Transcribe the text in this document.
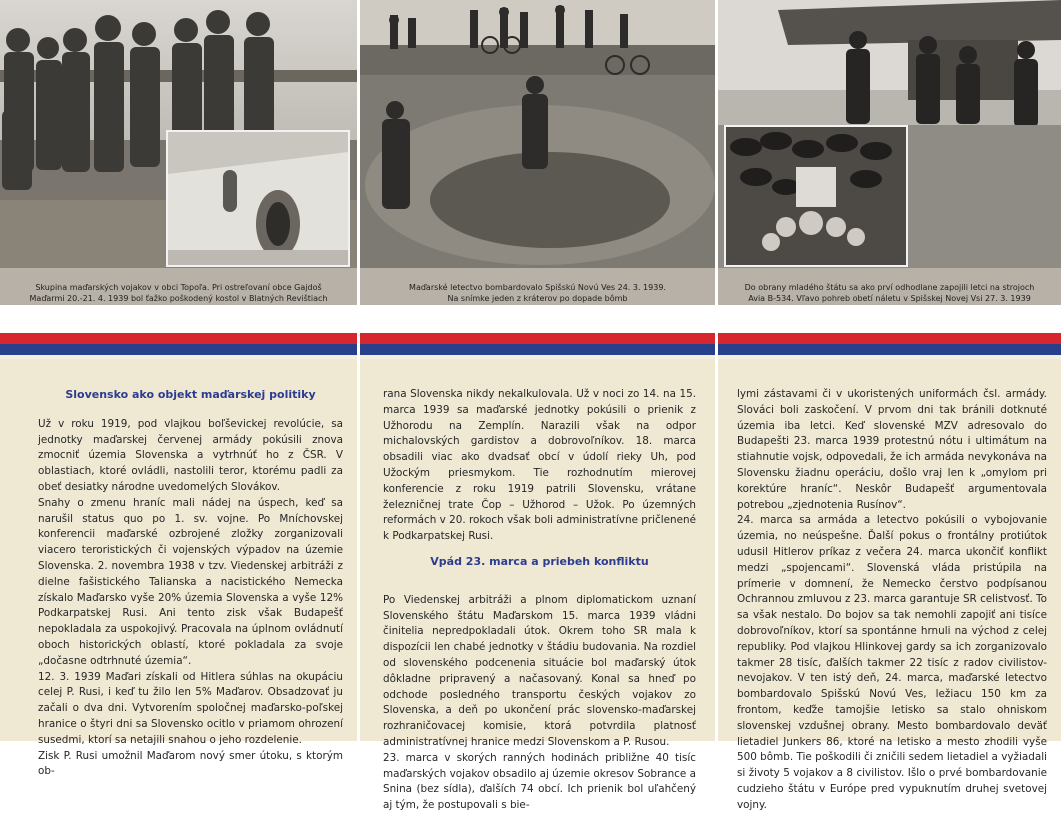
Skupina maďarských vojakov v obci Topoľa. Pri ostreľovaní obce Gajdoš
Maďarmi 20.-21. 4. 1939 bol ťažko poškodený kostol v Blatných Revištiach
Maďarské letectvo bombardovalo Spišskú Novú Ves 24. 3. 1939.
Na snímke jeden z kráterov po dopade bômb
Do obrany mladého štátu sa ako prví odhodlane zapojili letci na strojoch
Avia B-534. Vľavo pohreb obetí náletu v Spišskej Novej Vsi 27. 3. 1939

Slovensko ako objekt maďarskej politiky

Už v roku 1919, pod vlajkou boľševickej revolúcie, sa jednotky maďarskej červenej armády pokúsili znova zmocniť územia Slovenska a vytrhnúť ho z ČSR. V oblastiach, ktoré ovládli, nastolili teror, ktorému padli za obeť desiatky národne uvedomelých Slovákov.

Snahy o zmenu hraníc mali nádej na úspech, keď sa narušil status quo po 1. sv. vojne. Po Mníchovskej konferencii maďarské ozbrojené zložky zorganizovali viacero teroristických či vojenských výpadov na územie Slovenska. 2. novembra 1938 v tzv. Viedenskej arbitráži z dielne fašistického Talianska a nacistického Nemecka získalo Maďarsko vyše 20% územia Slovenska a vyše 12% Podkarpatskej Rusi. Ani tento zisk však Budapešť nepokladala za uspokojivý. Pracovala na úplnom ovládnutí oboch historických oblastí, ktoré pokladala za svoje „dočasne odtrhnuté územia“.

12. 3. 1939 Maďari získali od Hitlera súhlas na okupáciu celej P. Rusi, i keď tu žilo len 5% Maďarov. Obsadzovať ju začali o dva dni. Vytvorením spoločnej maďarsko-poľskej hranice o štyri dni sa Slovensko ocitlo v priamom ohrození susedmi, ktorí sa netajili snahou o jeho rozdelenie.

Zisk P. Rusi umožnil Maďarom nový smer útoku, s ktorým ob-

rana Slovenska nikdy nekalkulovala. Už v noci zo 14. na 15. marca 1939 sa maďarské jednotky pokúsili o prienik z Užhorodu na Zemplín. Narazili však na odpor michalovských gardistov a dobrovoľníkov. 18. marca obsadili viac ako dvadsať obcí v údolí rieky Uh, pod Užockým priesmykom. Tie rozhodnutím mierovej konferencie z roku 1919 patrili Slovensku, vrátane železničnej trate Čop – Užhorod – Užok. Po územných reformách v 20. rokoch však boli administratívne pričlenené k Podkarpatskej Rusi.

Vpád 23. marca a priebeh konfliktu

Po Viedenskej arbitráži a plnom diplomatickom uznaní Slovenského štátu Maďarskom 15. marca 1939 vládni činitelia nepredpokladali útok. Okrem toho SR mala k dispozícii len chabé jednotky v štádiu budovania. Na rozdiel od slovenského podcenenia situácie bol maďarský útok dôkladne pripravený a načasovaný. Konal sa hneď po odchode posledného transportu českých vojakov zo Slovenska, a deň po ukončení prác slovensko-maďarskej rozhraničovacej komisie, ktorá potvrdila platnosť administratívnej hranice medzi Slovenskom a P. Rusou.

23. marca v skorých ranných hodinách približne 40 tisíc maďarských vojakov obsadilo aj územie okresov Sobrance a Snina (bez sídla), ďalších 74 obcí. Ich prienik bol uľahčený aj tým, že postupovali s bie-

lymi zástavami či v ukoristených uniformách čsl. armády. Slováci boli zaskočení. V prvom dni tak bránili dotknuté územia iba letci. Keď slovenské MZV adresovalo do Budapešti 23. marca 1939 protestnú nótu i ultimátum na stiahnutie vojsk, odpovedali, že ich armáda nevykonáva na Slovensku žiadnu operáciu, došlo vraj len k „omylom pri korektúre hraníc“. Neskôr Budapešť argumentovala potrebou „zjednotenia Rusínov“.

24. marca sa armáda a letectvo pokúsili o vybojovanie územia, no neúspešne. Ďalší pokus o frontálny protiútok udusil Hitlerov príkaz z večera 24. marca ukončiť konflikt medzi „spojencami“. Slovenská vláda pristúpila na prímerie v domnení, že Nemecko čerstvo podpísanou Ochrannou zmluvou z 23. marca garantuje SR celistvosť. To sa však nestalo. Do bojov sa tak nemohli zapojiť ani tisíce dobrovoľníkov, ktorí sa spontánne hrnuli na východ z celej republiky. Pod vlajkou Hlinkovej gardy sa ich zorganizovalo takmer 28 tisíc, ďalších takmer 22 tisíc z radov civilistov-nevojakov. V ten istý deň, 24. marca, maďarské letectvo bombardovalo Spišskú Novú Ves, ležiacu 150 km za frontom, keďže tamojšie letisko sa stalo ohniskom slovenskej vzdušnej obrany. Mesto bombardovalo deväť lietadiel Junkers 86, ktoré na letisko a mesto zhodili vyše 500 bômb. Tie poškodili či zničili sedem lietadiel a vyžiadali si životy 5 vojakov a 8 civilistov. Išlo o prvé bombardovanie cudzieho štátu v Európe pred vypuknutím druhej svetovej vojny.
